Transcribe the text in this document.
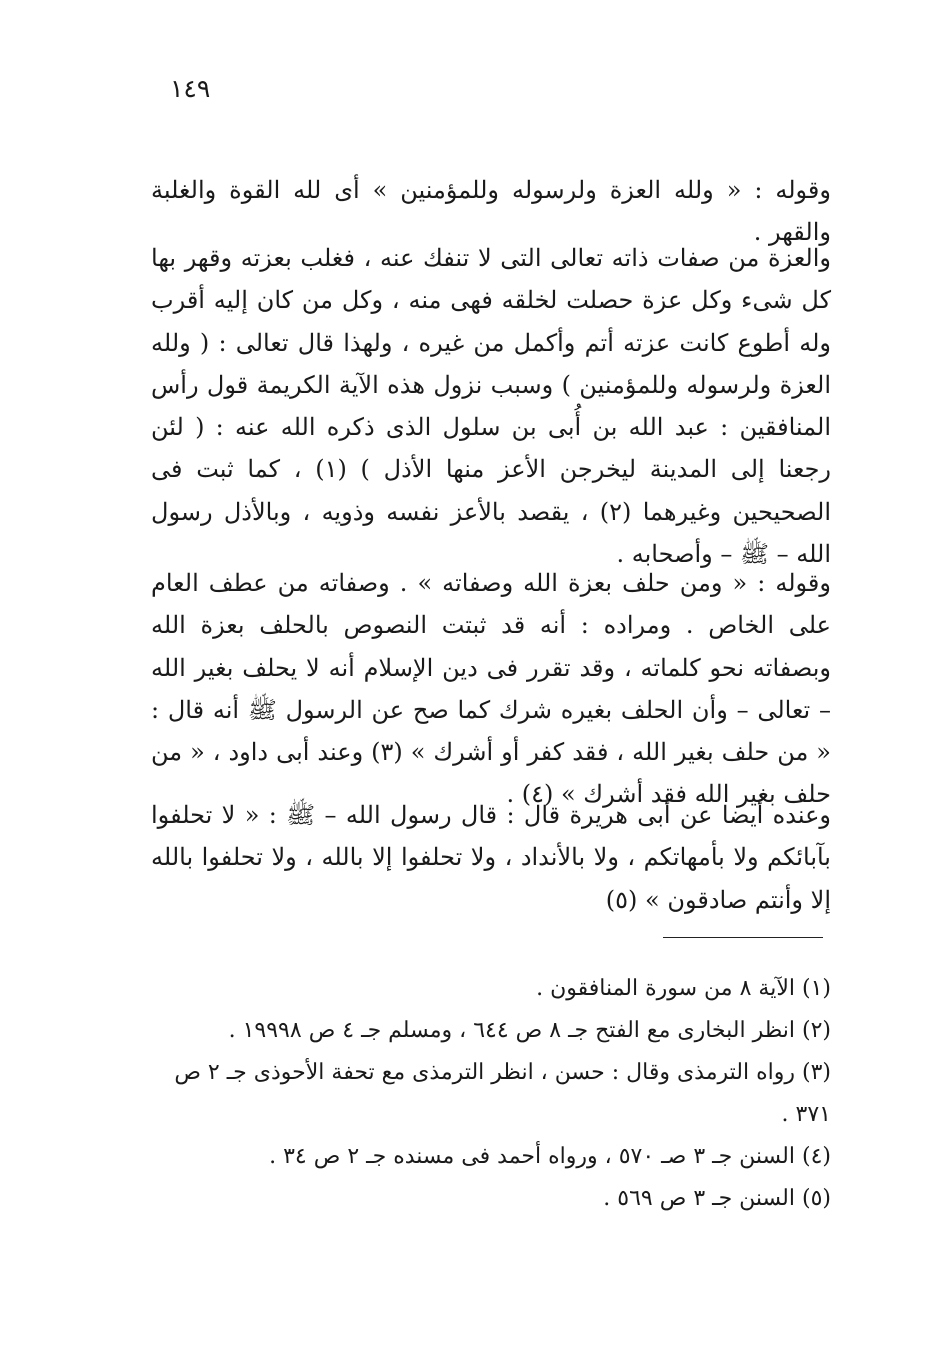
١٤٩

وقوله : « ولله العزة ولرسوله وللمؤمنين » أى لله القوة والغلبة والقهر .

والعزة من صفات ذاته تعالى التى لا تنفك عنه ، فغلب بعزته وقهر بها كل شىء وكل عزة حصلت لخلقه فهى منه ، وكل من كان إليه أقرب وله أطوع كانت عزته أتم وأكمل من غيره ، ولهذا قال تعالى : ( ولله العزة ولرسوله وللمؤمنين ) وسبب نزول هذه الآية الكريمة قول رأس المنافقين : عبد الله بن أُبى بن سلول الذى ذكره الله عنه : ( لئن رجعنا إلى المدينة ليخرجن الأعز منها الأذل ) (١) ، كما ثبت فى الصحيحين وغيرهما (٢) ، يقصد بالأعز نفسه وذويه ، وبالأذل رسول الله – ﷺ – وأصحابه .

وقوله : « ومن حلف بعزة الله وصفاته » . وصفاته من عطف العام على الخاص . ومراده : أنه قد ثبتت النصوص بالحلف بعزة الله وبصفاته نحو كلماته ، وقد تقرر فى دين الإسلام أنه لا يحلف بغير الله – تعالى – وأن الحلف بغيره شرك كما صح عن الرسول ﷺ أنه قال : « من حلف بغير الله ، فقد كفر أو أشرك » (٣) وعند أبى داود ، « من حلف بغير الله فقد أشرك » (٤) .

وعنده أيضا عن أبى هريرة قال : قال رسول الله – ﷺ : « لا تحلفوا بآبائكم ولا بأمهاتكم ، ولا بالأنداد ، ولا تحلفوا إلا بالله ، ولا تحلفوا بالله إلا وأنتم صادقون » (٥)

(١) الآية ٨ من سورة المنافقون .
(٢) انظر البخارى مع الفتح جـ ٨ ص ٦٤٤ ، ومسلم جـ ٤ ص ١٩٩٩٨ .
(٣) رواه الترمذى وقال : حسن ، انظر الترمذى مع تحفة الأحوذى جـ ٢ ص ٣٧١ .
(٤) السنن جـ ٣ صـ ٥٧٠ ، ورواه أحمد فى مسنده جـ ٢ ص ٣٤ .
(٥) السنن جـ ٣ ص ٥٦٩ .
